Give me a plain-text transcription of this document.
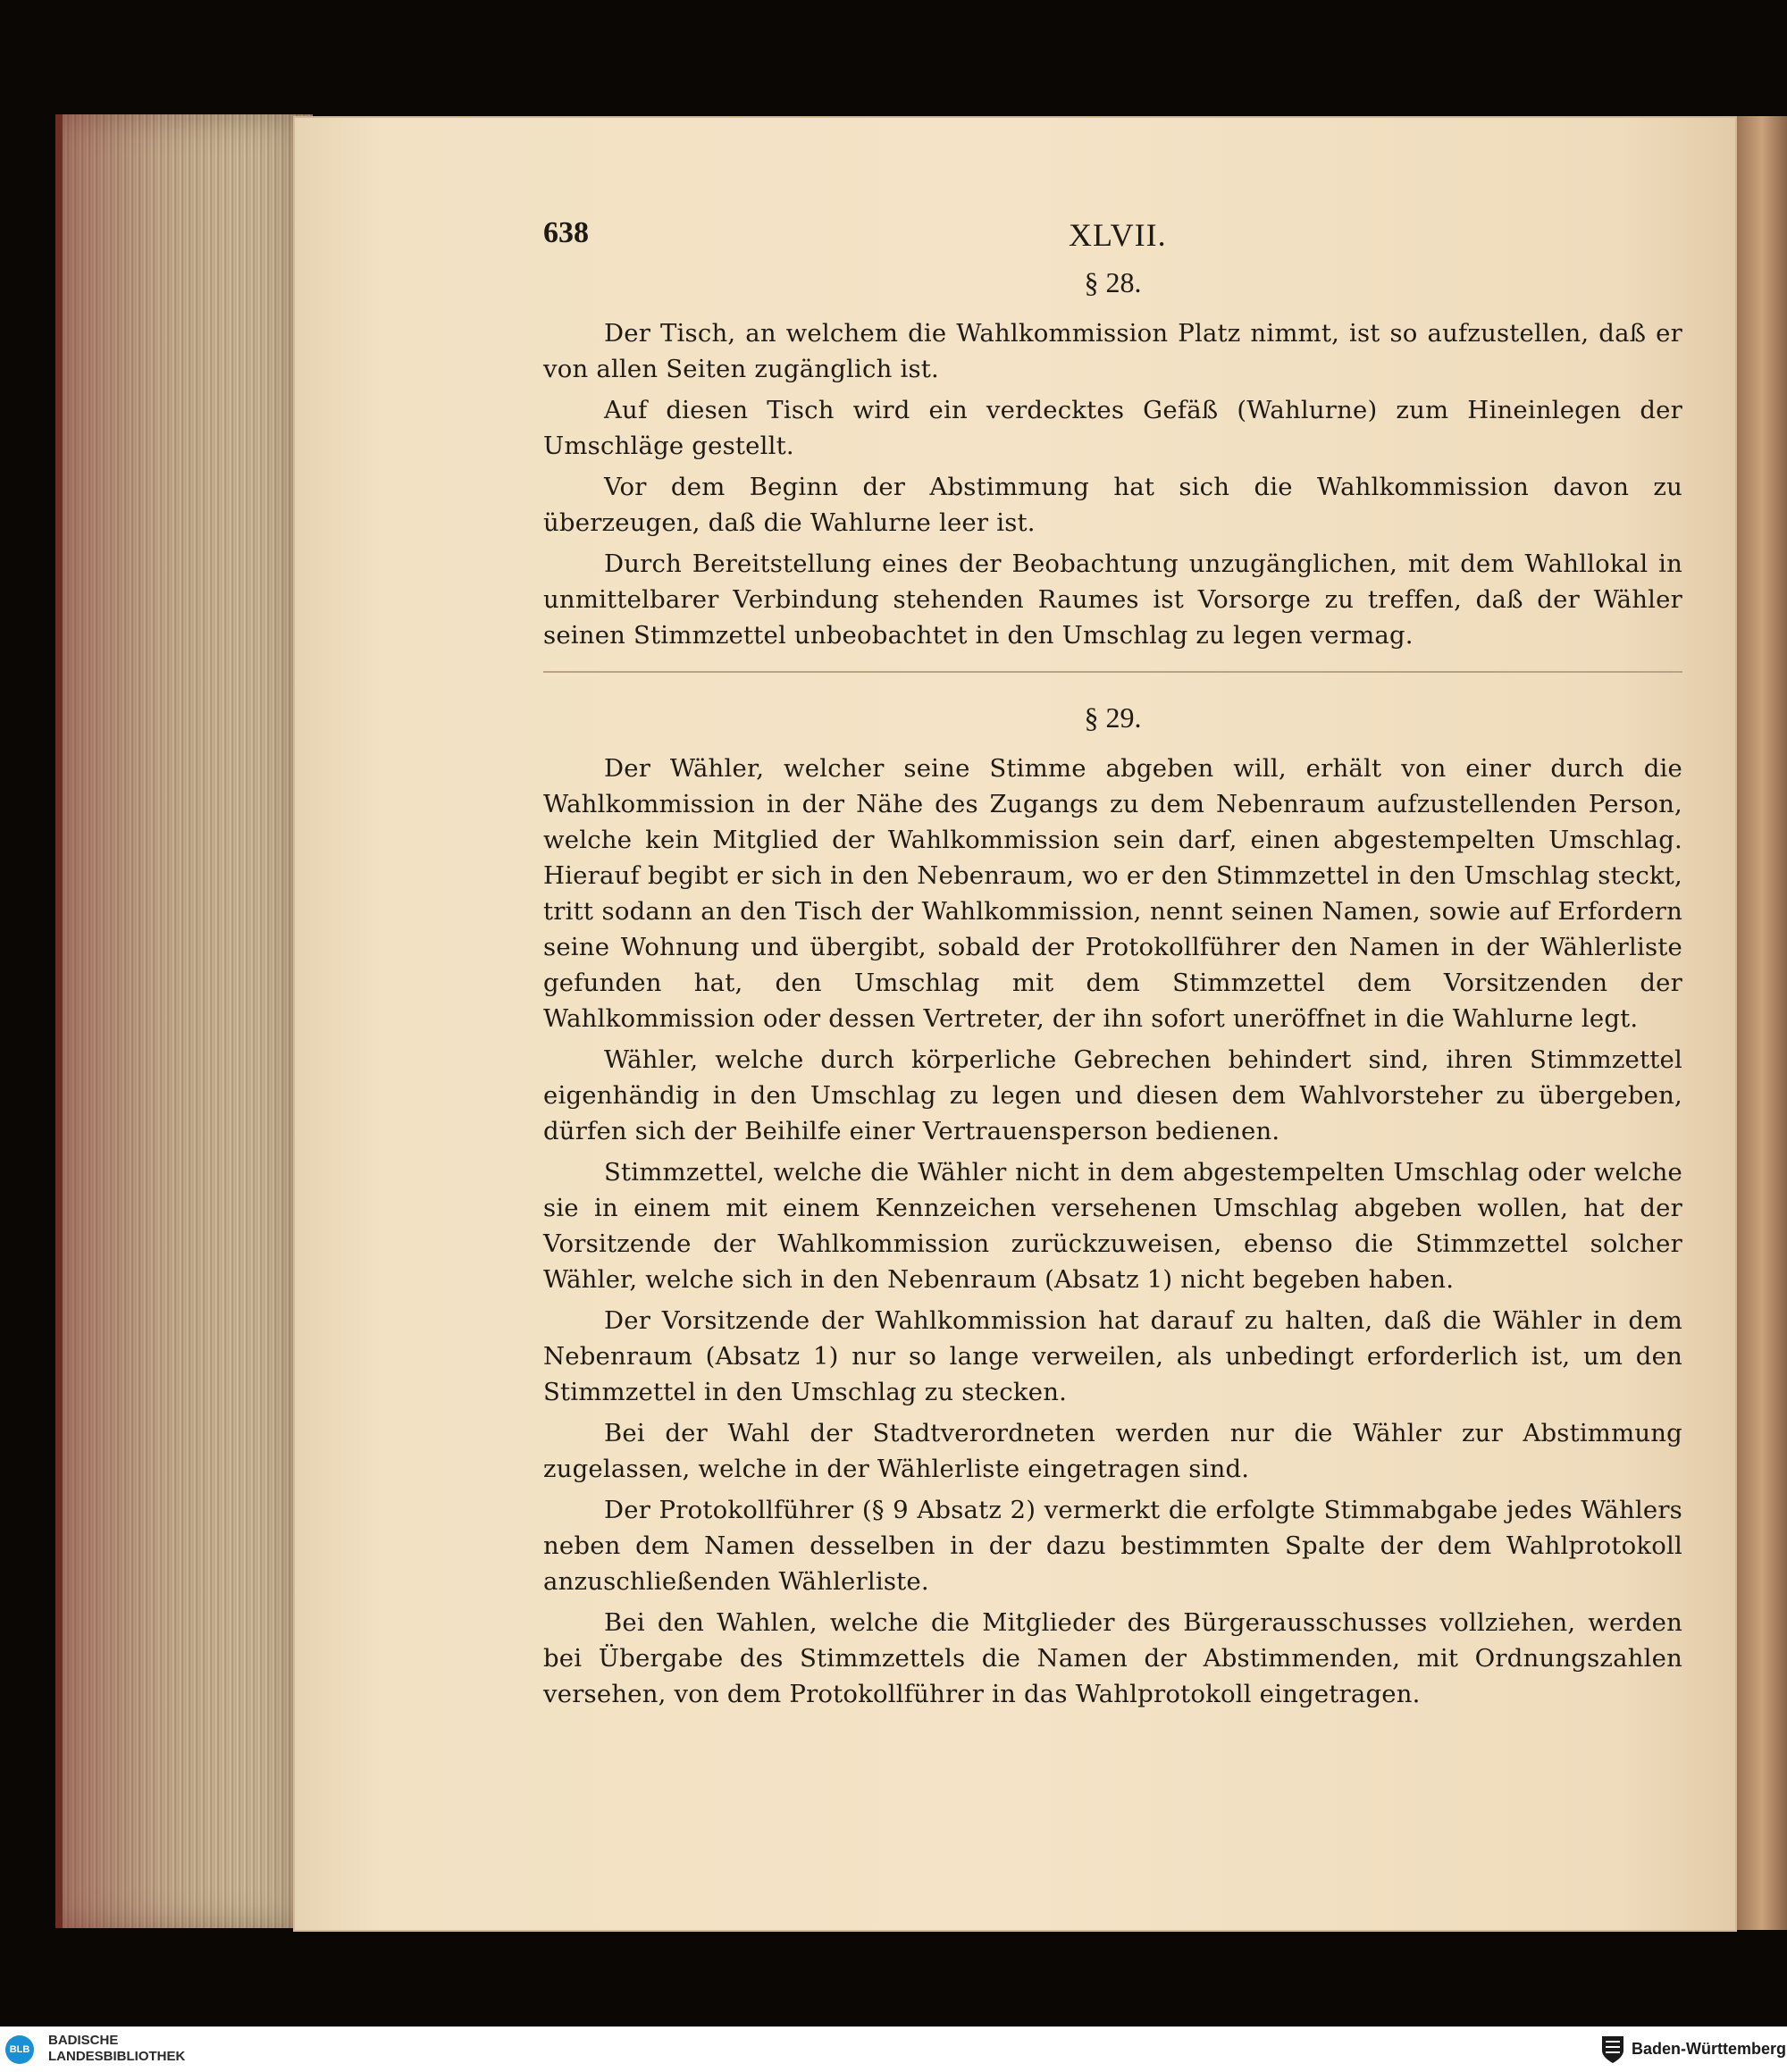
638	XLVII.
§ 28.

Der Tisch, an welchem die Wahlkommission Platz nimmt, ist so aufzustellen, daß er von allen Seiten zugänglich ist.

Auf diesen Tisch wird ein verdecktes Gefäß (Wahlurne) zum Hineinlegen der Umschläge gestellt.

Vor dem Beginn der Abstimmung hat sich die Wahlkommission davon zu überzeugen, daß die Wahlurne leer ist.

Durch Bereitstellung eines der Beobachtung unzugänglichen, mit dem Wahllokal in unmittelbarer Verbindung stehenden Raumes ist Vorsorge zu treffen, daß der Wähler seinen Stimmzettel unbeobachtet in den Umschlag zu legen vermag.

§ 29.

Der Wähler, welcher seine Stimme abgeben will, erhält von einer durch die Wahlkommission in der Nähe des Zugangs zu dem Nebenraum aufzustellenden Person, welche kein Mitglied der Wahlkommission sein darf, einen abgestempelten Umschlag. Hierauf begibt er sich in den Nebenraum, wo er den Stimmzettel in den Umschlag steckt, tritt sodann an den Tisch der Wahlkommission, nennt seinen Namen, sowie auf Erfordern seine Wohnung und übergibt, sobald der Protokollführer den Namen in der Wählerliste gefunden hat, den Umschlag mit dem Stimmzettel dem Vorsitzenden der Wahlkommission oder dessen Vertreter, der ihn sofort uneröffnet in die Wahlurne legt.

Wähler, welche durch körperliche Gebrechen behindert sind, ihren Stimmzettel eigenhändig in den Umschlag zu legen und diesen dem Wahlvorsteher zu übergeben, dürfen sich der Beihilfe einer Vertrauensperson bedienen.

Stimmzettel, welche die Wähler nicht in dem abgestempelten Umschlag oder welche sie in einem mit einem Kennzeichen versehenen Umschlag abgeben wollen, hat der Vorsitzende der Wahlkommission zurückzuweisen, ebenso die Stimmzettel solcher Wähler, welche sich in den Nebenraum (Absatz 1) nicht begeben haben.

Der Vorsitzende der Wahlkommission hat darauf zu halten, daß die Wähler in dem Nebenraum (Absatz 1) nur so lange verweilen, als unbedingt erforderlich ist, um den Stimmzettel in den Umschlag zu stecken.

Bei der Wahl der Stadtverordneten werden nur die Wähler zur Abstimmung zugelassen, welche in der Wählerliste eingetragen sind.

Der Protokollführer (§ 9 Absatz 2) vermerkt die erfolgte Stimmabgabe jedes Wählers neben dem Namen desselben in der dazu bestimmten Spalte der dem Wahlprotokoll anzuschließenden Wählerliste.

Bei den Wahlen, welche die Mitglieder des Bürgerausschusses vollziehen, werden bei Übergabe des Stimmzettels die Namen der Abstimmenden, mit Ordnungszahlen versehen, von dem Protokollführer in das Wahlprotokoll eingetragen.

BLB
BADISCHE
LANDESBIBLIOTHEK	Baden-Württemberg
